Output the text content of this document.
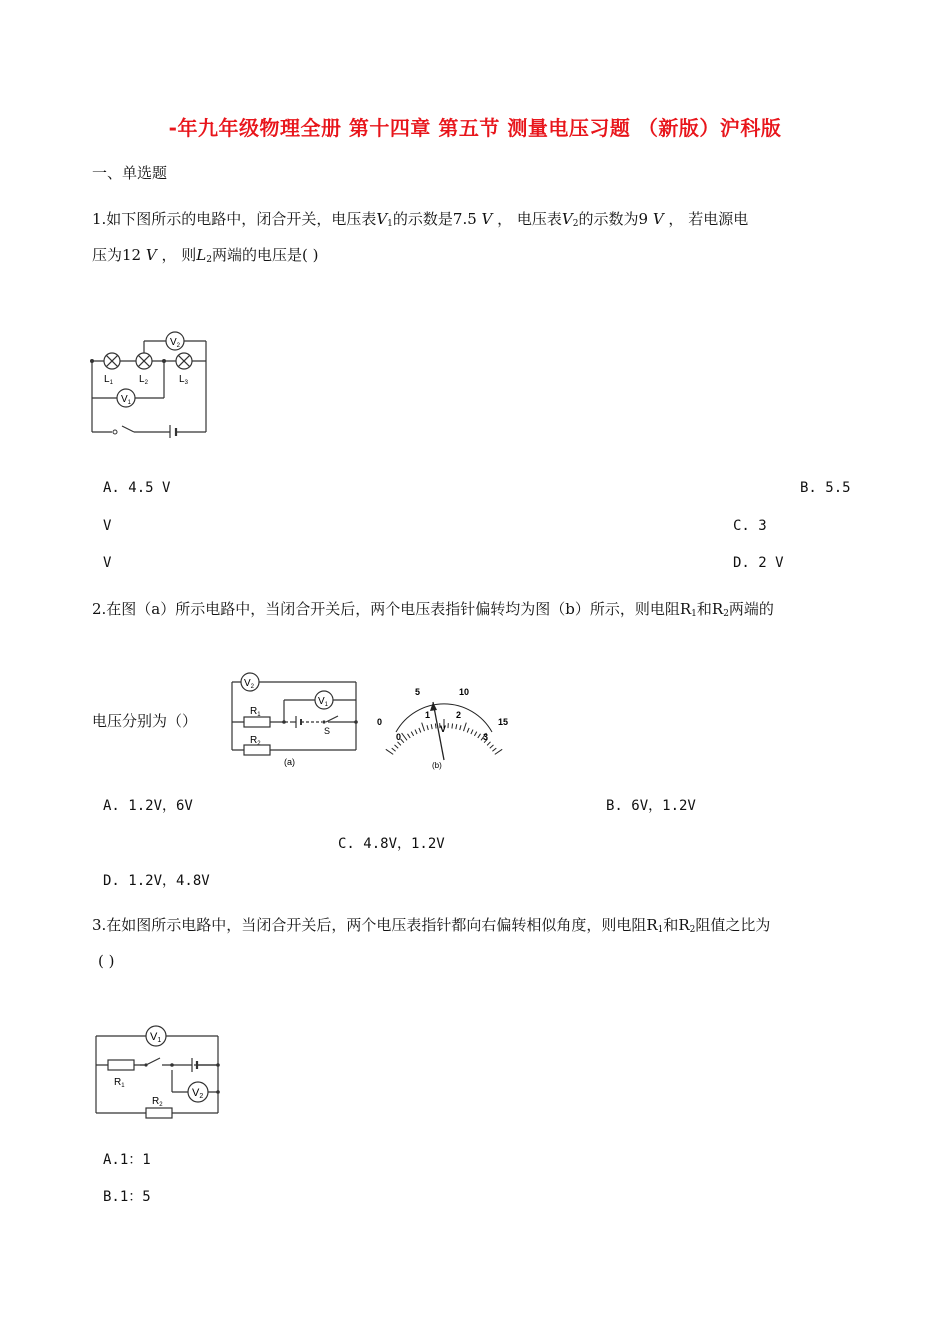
-年九年级物理全册 第十四章 第五节 测量电压习题 （新版）沪科版
一、单选题
1.如下图所示的电路中，闭合开关，电压表$V_1$的示数是7.5 V ， 电压表$V_2$的示数为9 V ， 若电源电
压为12 V ， 则$L_2$两端的电压是( )
$V_2$
$V_1$
$L_1$	$L_2$	$L_3$
A. 4.5 V	B. 5.5
V	C. 3
V	D. 2 V
2.在图（a）所示电路中，当闭合开关后，两个电压表指针偏转均为图（b）所示，则电阻$R_1$和$R_2$两端的
电压分别为（）
$V_2$
$V_1$
$R_1$
$R_2$
S
(a)
0
5	10
15
0
1	2
3
V
(b)
A. 1.2V，6V	B. 6V，1.2V
C. 4.8V，1.2V
D. 1.2V，4.8V
3.在如图所示电路中，当闭合开关后，两个电压表指针都向右偏转相似角度，则电阻$R_1$和$R_2$阻值之比为
( )
V1
V2
$R_1$
$R_2$
A.1：1
B.1：5
